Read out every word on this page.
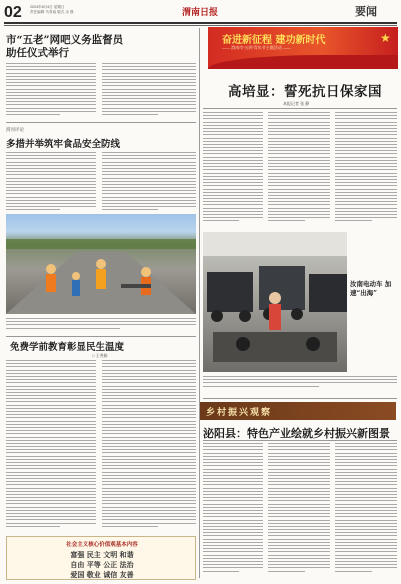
02 2024年8月4日 星期日
责任编辑 马青南 版式 余 强	渭南日报	要闻
奋进新征程 建功新时代
—— 渭南市“五四”青年节主题活动 ——
★
市“五老”网吧义务监督员
助任仪式举行
渭河评论
多措并举筑牢食品安全防线
免费学前教育彰显民生温度
□ 王秀娟
社会主义核心价值观基本内容
富强 民主 文明 和谐
自由 平等 公正 法治
爱国 敬业 诚信 友善
高培显：誓死抗日保家国
本报记者 张 静
汝南电动车 加速“出海”
乡村振兴观察
泌阳县：特色产业绘就乡村振兴新图景
